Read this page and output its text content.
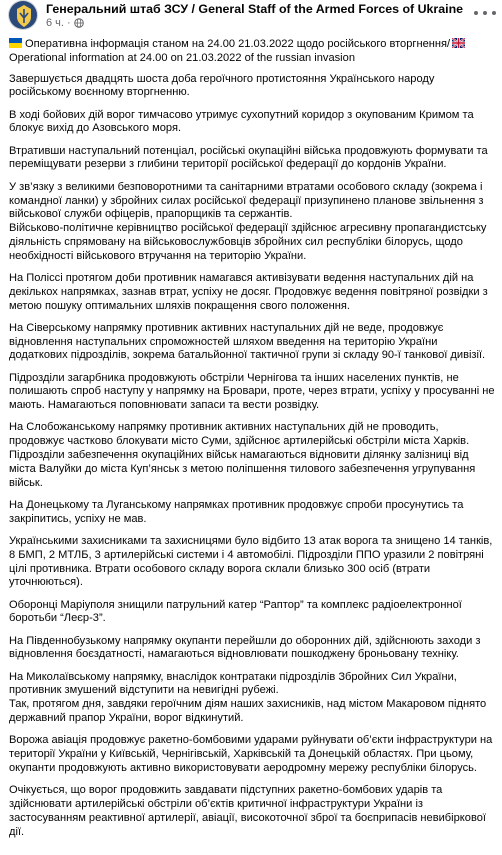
Генеральний штаб ЗСУ / General Staff of the Armed Forces of Ukraine
6 ч. ·

Оперативна інформація станом на 24.00 21.03.2022 щодо російського вторгнення/
Operational information at 24.00 on 21.03.2022 of the russian invasion

Завершується двадцять шоста доба героїчного протистояння Українського народу російському воєнному вторгненню.

В ході бойових дій ворог тимчасово утримує сухопутний коридор з окупованим Кримом та блокує вихід до Азовського моря.

Втративши наступальний потенціал, російські окупаційні війська продовжують формувати та переміщувати резерви з глибини території російської федерації до кордонів України.

У зв’язку з великими безповоротними та санітарними втратами особового складу (зокрема і командної ланки) у збройних силах російської федерації призупинено планове звільнення з військової служби офіцерів, прапорщиків та сержантів.
Військово-політичне керівництво російської федерації здійснює агресивну пропагандистську діяльність спрямовану на військовослужбовців збройних сил республіки білорусь, щодо необхідності військового втручання на територію України.

На Поліссі протягом доби противник намагався активізувати ведення наступальних дій на декількох напрямках, зазнав втрат, успіху не досяг. Продовжує ведення повітряної розвідки з метою пошуку оптимальних шляхів покращення свого положення.

На Сіверському напрямку противник активних наступальних дій не веде, продовжує відновлення наступальних спроможностей шляхом введення на територію України додаткових підрозділів, зокрема батальйонної тактичної групи зі складу 90-ї танкової дивізії.

Підрозділи загарбника продовжують обстріли Чернігова та інших населених пунктів, не полишають спроб наступу у напрямку на Бровари, проте, через втрати, успіху у просуванні не мають. Намагаються поповнювати запаси та вести розвідку.

На Слобожанському напрямку противник активних наступальних дій не проводить, продовжує частково блокувати місто Суми, здійснює артилерійські обстріли міста Харків. Підрозділи забезпечення окупаційних військ намагаються відновити ділянку залізниці від міста Валуйки до міста Куп’янськ з метою поліпшення тилового забезпечення угрупування військ.

На Донецькому та Луганському напрямках противник продовжує спроби просунутись та закріпитись, успіху не мав.

Українськими захисниками та захисницями було відбито 13 атак ворога та знищено 14 танків, 8 БМП, 2 МТЛБ, 3 артилерійські системи і 4 автомобілі. Підрозділи ППО уразили 2 повітряні цілі противника. Втрати особового складу ворога склали близько 300 осіб (втрати уточнюються).

Оборонці Маріуполя знищили патрульний катер “Раптор” та комплекс радіоелектронної боротьби “Леєр-3”.

На Південнобузькому напрямку окупанти перейшли до оборонних дій, здійснюють заходи з відновлення боєздатності, намагаються відновлювати пошкоджену броньовану техніку.

На Миколаївському напрямку, внаслідок контратаки підрозділів Збройних Сил України, противник змушений відступити на невигідні рубежі.
Так, протягом дня, завдяки героїчним діям наших захисників, над містом Макаровом піднято державний прапор України, ворог відкинутий.

Ворожа авіація продовжує ракетно-бомбовими ударами руйнувати об’єкти інфраструктури на території України у Київській, Чернігівській, Харківській та Донецькій областях. При цьому, окупанти продовжують активно використовувати аеродромну мережу республіки білорусь.

Очікується, що ворог продовжить завдавати підступних ракетно-бомбових ударів та здійснювати артилерійські обстріли об’єктів критичної інфраструктури України із застосуванням реактивної артилерії, авіації, високоточної зброї та боєприпасів невибіркової дії.
